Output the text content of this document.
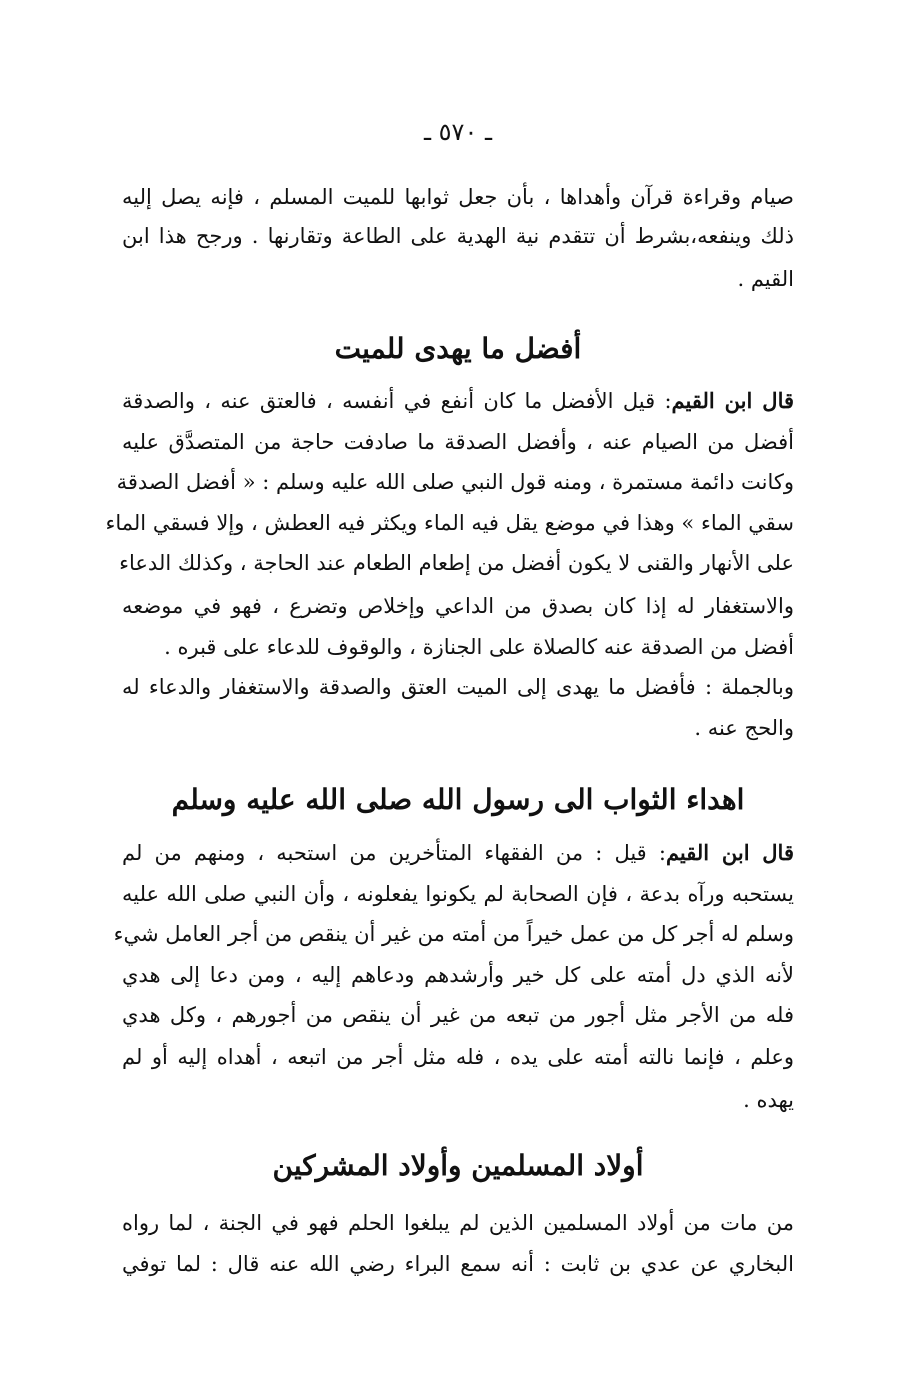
ـ ٥٧٠ ـ
صيام وقراءة قرآن وأهداها ، بأن جعل ثوابها للميت المسلم ، فإنه يصل إليه
ذلك وينفعه،بشرط أن تتقدم نية الهدية على الطاعة وتقارنها . ورجح هذا ابن
القيم .
أفضل ما يهدى للميت
قال ابن القيم: قيل الأفضل ما كان أنفع في أنفسه ، فالعتق عنه ، والصدقة
أفضل من الصيام عنه ، وأفضل الصدقة ما صادفت حاجة من المتصدَّق عليه
وكانت دائمة مستمرة ، ومنه قول النبي صلى الله عليه وسلم : « أفضل الصدقة
سقي الماء » وهذا في موضع يقل فيه الماء ويكثر فيه العطش ، وإلا فسقي الماء
على الأنهار والقنى لا يكون أفضل من إطعام الطعام عند الحاجة ، وكذلك الدعاء
والاستغفار له إذا كان بصدق من الداعي وإخلاص وتضرع ، فهو في موضعه
أفضل من الصدقة عنه كالصلاة على الجنازة ، والوقوف للدعاء على قبره .
وبالجملة : فأفضل ما يهدى إلى الميت العتق والصدقة والاستغفار والدعاء له
والحج عنه .
اهداء الثواب الى رسول الله صلى الله عليه وسلم
قال ابن القيم: قيل : من الفقهاء المتأخرين من استحبه ، ومنهم من لم
يستحبه ورآه بدعة ، فإن الصحابة لم يكونوا يفعلونه ، وأن النبي صلى الله عليه
وسلم له أجر كل من عمل خيراً من أمته من غير أن ينقص من أجر العامل شيء
لأنه الذي دل أمته على كل خير وأرشدهم ودعاهم إليه ، ومن دعا إلى هدي
فله من الأجر مثل أجور من تبعه من غير أن ينقص من أجورهم ، وكل هدي
وعلم ، فإنما نالته أمته على يده ، فله مثل أجر من اتبعه ، أهداه إليه أو لم
يهده .
أولاد المسلمين وأولاد المشركين
من مات من أولاد المسلمين الذين لم يبلغوا الحلم فهو في الجنة ، لما رواه
البخاري عن عدي بن ثابت : أنه سمع البراء رضي الله عنه قال : لما توفي
